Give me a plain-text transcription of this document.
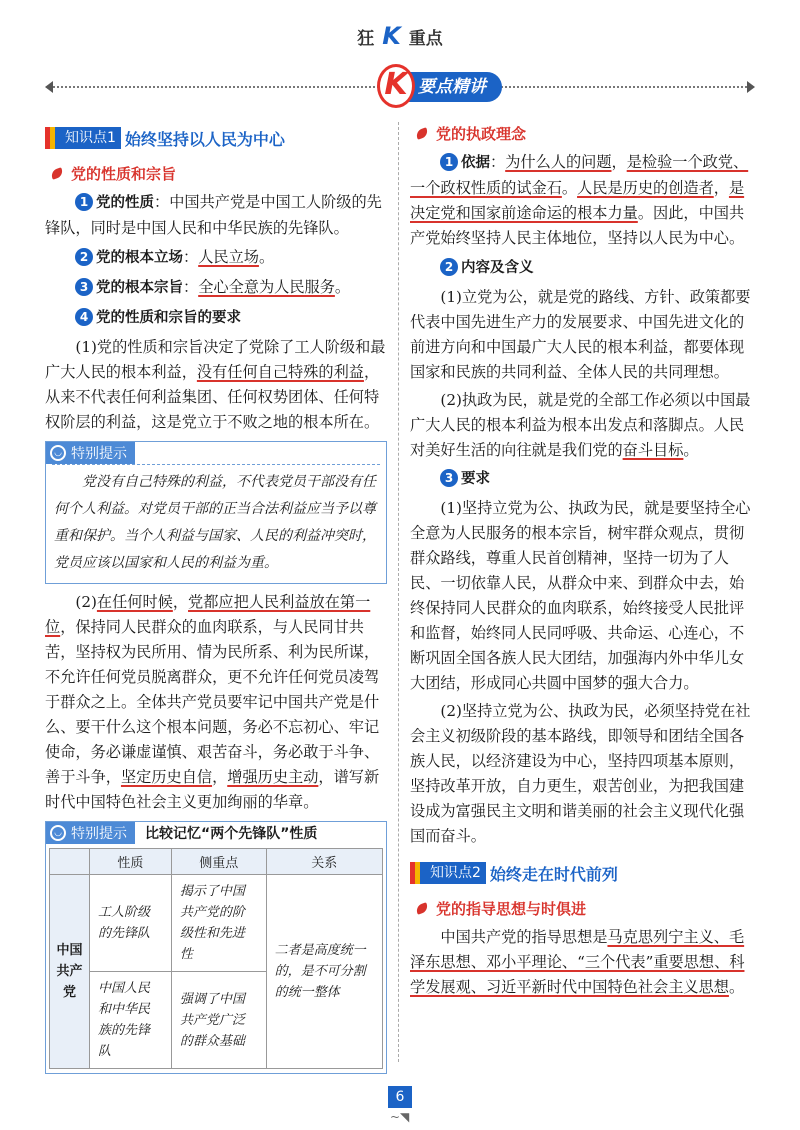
狂 K 重点
要点精讲
K
知识点1 始终坚持以人民为中心
党的性质和宗旨

1 党的性质：中国共产党是中国工人阶级的先锋队，同时是中国人民和中华民族的先锋队。

2 党的根本立场：人民立场。

3 党的根本宗旨：全心全意为人民服务。

4 党的性质和宗旨的要求

(1)党的性质和宗旨决定了党除了工人阶级和最广大人民的根本利益，没有任何自己特殊的利益，从来不代表任何利益集团、任何权势团体、任何特权阶层的利益，这是党立于不败之地的根本所在。

◡ 特别提示
党没有自己特殊的利益，不代表党员干部没有任何个人利益。对党员干部的正当合法利益应当予以尊重和保护。当个人利益与国家、人民的利益冲突时，党员应该以国家和人民的利益为重。

(2)在任何时候，党都应把人民利益放在第一位，保持同人民群众的血肉联系，与人民同甘共苦，坚持权为民所用、情为民所系、利为民所谋，不允许任何党员脱离群众，更不允许任何党员凌驾于群众之上。全体共产党员要牢记中国共产党是什么、要干什么这个根本问题，务必不忘初心、牢记使命，务必谦虚谨慎、艰苦奋斗，务必敢于斗争、善于斗争，坚定历史自信，增强历史主动，谱写新时代中国特色社会主义更加绚丽的华章。

◡ 特别提示 比较记忆“两个先锋队”性质
	性质	侧重点	关系
中国共产党	工人阶级的先锋队	揭示了中国共产党的阶级性和先进性	二者是高度统一的，是不可分割的统一整体
	中国人民和中华民族的先锋队	强调了中国共产党广泛的群众基础	
党的执政理念

1 依据：为什么人的问题，是检验一个政党、一个政权性质的试金石。人民是历史的创造者，是决定党和国家前途命运的根本力量。因此，中国共产党始终坚持人民主体地位，坚持以人民为中心。

2 内容及含义

(1)立党为公，就是党的路线、方针、政策都要代表中国先进生产力的发展要求、中国先进文化的前进方向和中国最广大人民的根本利益，都要体现国家和民族的共同利益、全体人民的共同理想。

(2)执政为民，就是党的全部工作必须以中国最广大人民的根本利益为根本出发点和落脚点。人民对美好生活的向往就是我们党的奋斗目标。

3 要求

(1)坚持立党为公、执政为民，就是要坚持全心全意为人民服务的根本宗旨，树牢群众观点，贯彻群众路线，尊重人民首创精神，坚持一切为了人民、一切依靠人民，从群众中来、到群众中去，始终保持同人民群众的血肉联系，始终接受人民批评和监督，始终同人民同呼吸、共命运、心连心，不断巩固全国各族人民大团结，加强海内外中华儿女大团结，形成同心共圆中国梦的强大合力。

(2)坚持立党为公、执政为民，必须坚持党在社会主义初级阶段的基本路线，即领导和团结全国各族人民，以经济建设为中心，坚持四项基本原则，坚持改革开放，自力更生，艰苦创业，为把我国建设成为富强民主文明和谐美丽的社会主义现代化强国而奋斗。

知识点2 始终走在时代前列
党的指导思想与时俱进

中国共产党的指导思想是马克思列宁主义、毛泽东思想、邓小平理论、“三个代表”重要思想、科学发展观、习近平新时代中国特色社会主义思想。

6
~◥
